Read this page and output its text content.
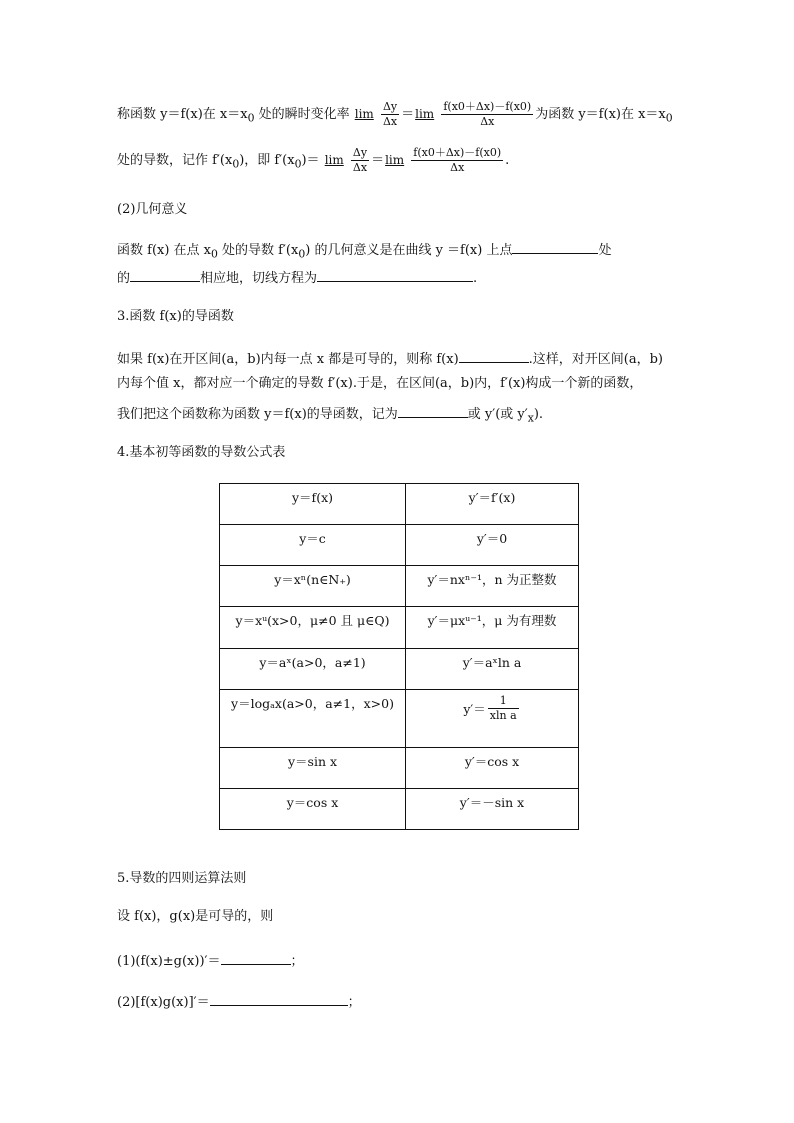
称函数 y＝f(x)在 $x=x_0$ 处的瞬时变化率 $\lim \frac{\Delta y}{\Delta x} =\lim \frac{f(x0+\Delta x)-f(x0)}{\Delta x}$ 为函数 y＝f(x)在 $x=x_0$
处的导数，记作 $f'(x_0)$，即 $f'(x_0)= \lim \frac{\Delta y}{\Delta x} =\lim \frac{f(x0+\Delta x)-f(x0)}{\Delta x}$ .
(2)几何意义
函数 f(x) 在点 $x_0$ 处的导数 $f'(x_0)$ 的几何意义是在曲线 y ＝f(x) 上点	处
的	相应地，切线方程为	.
3.函数 f(x)的导函数
如果 f(x)在开区间(a，b)内每一点 x 都是可导的，则称 f(x)	.这样，对开区间(a，b)
内每个值 x，都对应一个确定的导数 f′(x).于是，在区间(a，b)内，f′(x)构成一个新的函数，
我们把这个函数称为函数 y＝f(x)的导函数，记为	或 y′(或 $y'_x$).
4.基本初等函数的导数公式表
y＝f(x)	y′＝f′(x)
y＝c	y′＝0
y＝xⁿ(n∈N₊)	y′＝nxⁿ⁻¹，n 为正整数
y＝xᵘ(x>0，μ≠0 且 μ∈Q)	y′＝μxᵘ⁻¹，μ 为有理数
y＝aˣ(a>0，a≠1)	y′＝aˣln a
y＝logₐx(a>0，a≠1，x>0)	$y'= \frac{1}{\text{xln a}}$

y＝sin x	y′＝cos x
y＝cos x	y′＝－sin x
5.导数的四则运算法则
设 f(x)，g(x)是可导的，则
(1)(f(x)±g(x))′＝	；
(2)[f(x)g(x)]′＝	；
